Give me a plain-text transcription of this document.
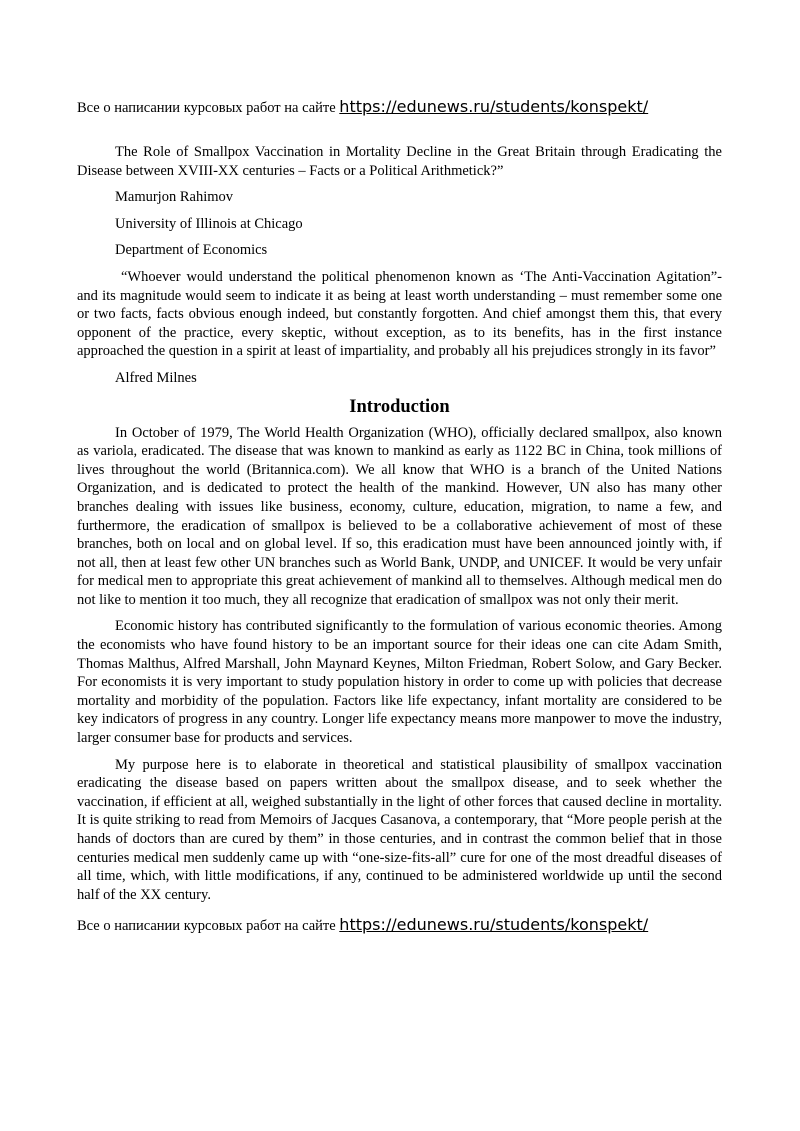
Все о написании курсовых работ на сайте https://edunews.ru/students/konspekt/

The Role of Smallpox Vaccination in Mortality Decline in the Great Britain through Eradicating the Disease between XVIII-XX centuries – Facts or a Political Arithmetick?”

Mamurjon Rahimov
University of Illinois at Chicago
Department of Economics

“Whoever would understand the political phenomenon known as ‘The Anti-Vaccination Agitation”- and its magnitude would seem to indicate it as being at least worth understanding – must remember some one or two facts, facts obvious enough indeed, but constantly forgotten. And chief amongst them this, that every opponent of the practice, every skeptic, without exception, as to its benefits, has in the first instance approached the question in a spirit at least of impartiality, and probably all his prejudices strongly in its favor”

Alfred Milnes
Introduction

In October of 1979, The World Health Organization (WHO), officially declared smallpox, also known as variola, eradicated. The disease that was known to mankind as early as 1122 BC in China, took millions of lives throughout the world (Britannica.com). We all know that WHO is a branch of the United Nations Organization, and is dedicated to protect the health of the mankind. However, UN also has many other branches dealing with issues like business, economy, culture, education, migration, to name a few, and furthermore, the eradication of smallpox is believed to be a collaborative achievement of most of these branches, both on local and on global level. If so, this eradication must have been announced jointly with, if not all, then at least few other UN branches such as World Bank, UNDP, and UNICEF. It would be very unfair for medical men to appropriate this great achievement of mankind all to themselves. Although medical men do not like to mention it too much, they all recognize that eradication of smallpox was not only their merit.

Economic history has contributed significantly to the formulation of various economic theories. Among the economists who have found history to be an important source for their ideas one can cite Adam Smith, Thomas Malthus, Alfred Marshall, John Maynard Keynes, Milton Friedman, Robert Solow, and Gary Becker. For economists it is very important to study population history in order to come up with policies that decrease mortality and morbidity of the population. Factors like life expectancy, infant mortality are considered to be key indicators of progress in any country. Longer life expectancy means more manpower to move the industry, larger consumer base for products and services.

My purpose here is to elaborate in theoretical and statistical plausibility of smallpox vaccination eradicating the disease based on papers written about the smallpox disease, and to seek whether the vaccination, if efficient at all, weighed substantially in the light of other forces that caused decline in mortality. It is quite striking to read from Memoirs of Jacques Casanova, a contemporary, that “More people perish at the hands of doctors than are cured by them” in those centuries, and in contrast the common belief that in those centuries medical men suddenly came up with “one-size-fits-all” cure for one of the most dreadful diseases of all time, which, with little modifications, if any, continued to be administered worldwide up until the second half of the XX century.

Все о написании курсовых работ на сайте https://edunews.ru/students/konspekt/
